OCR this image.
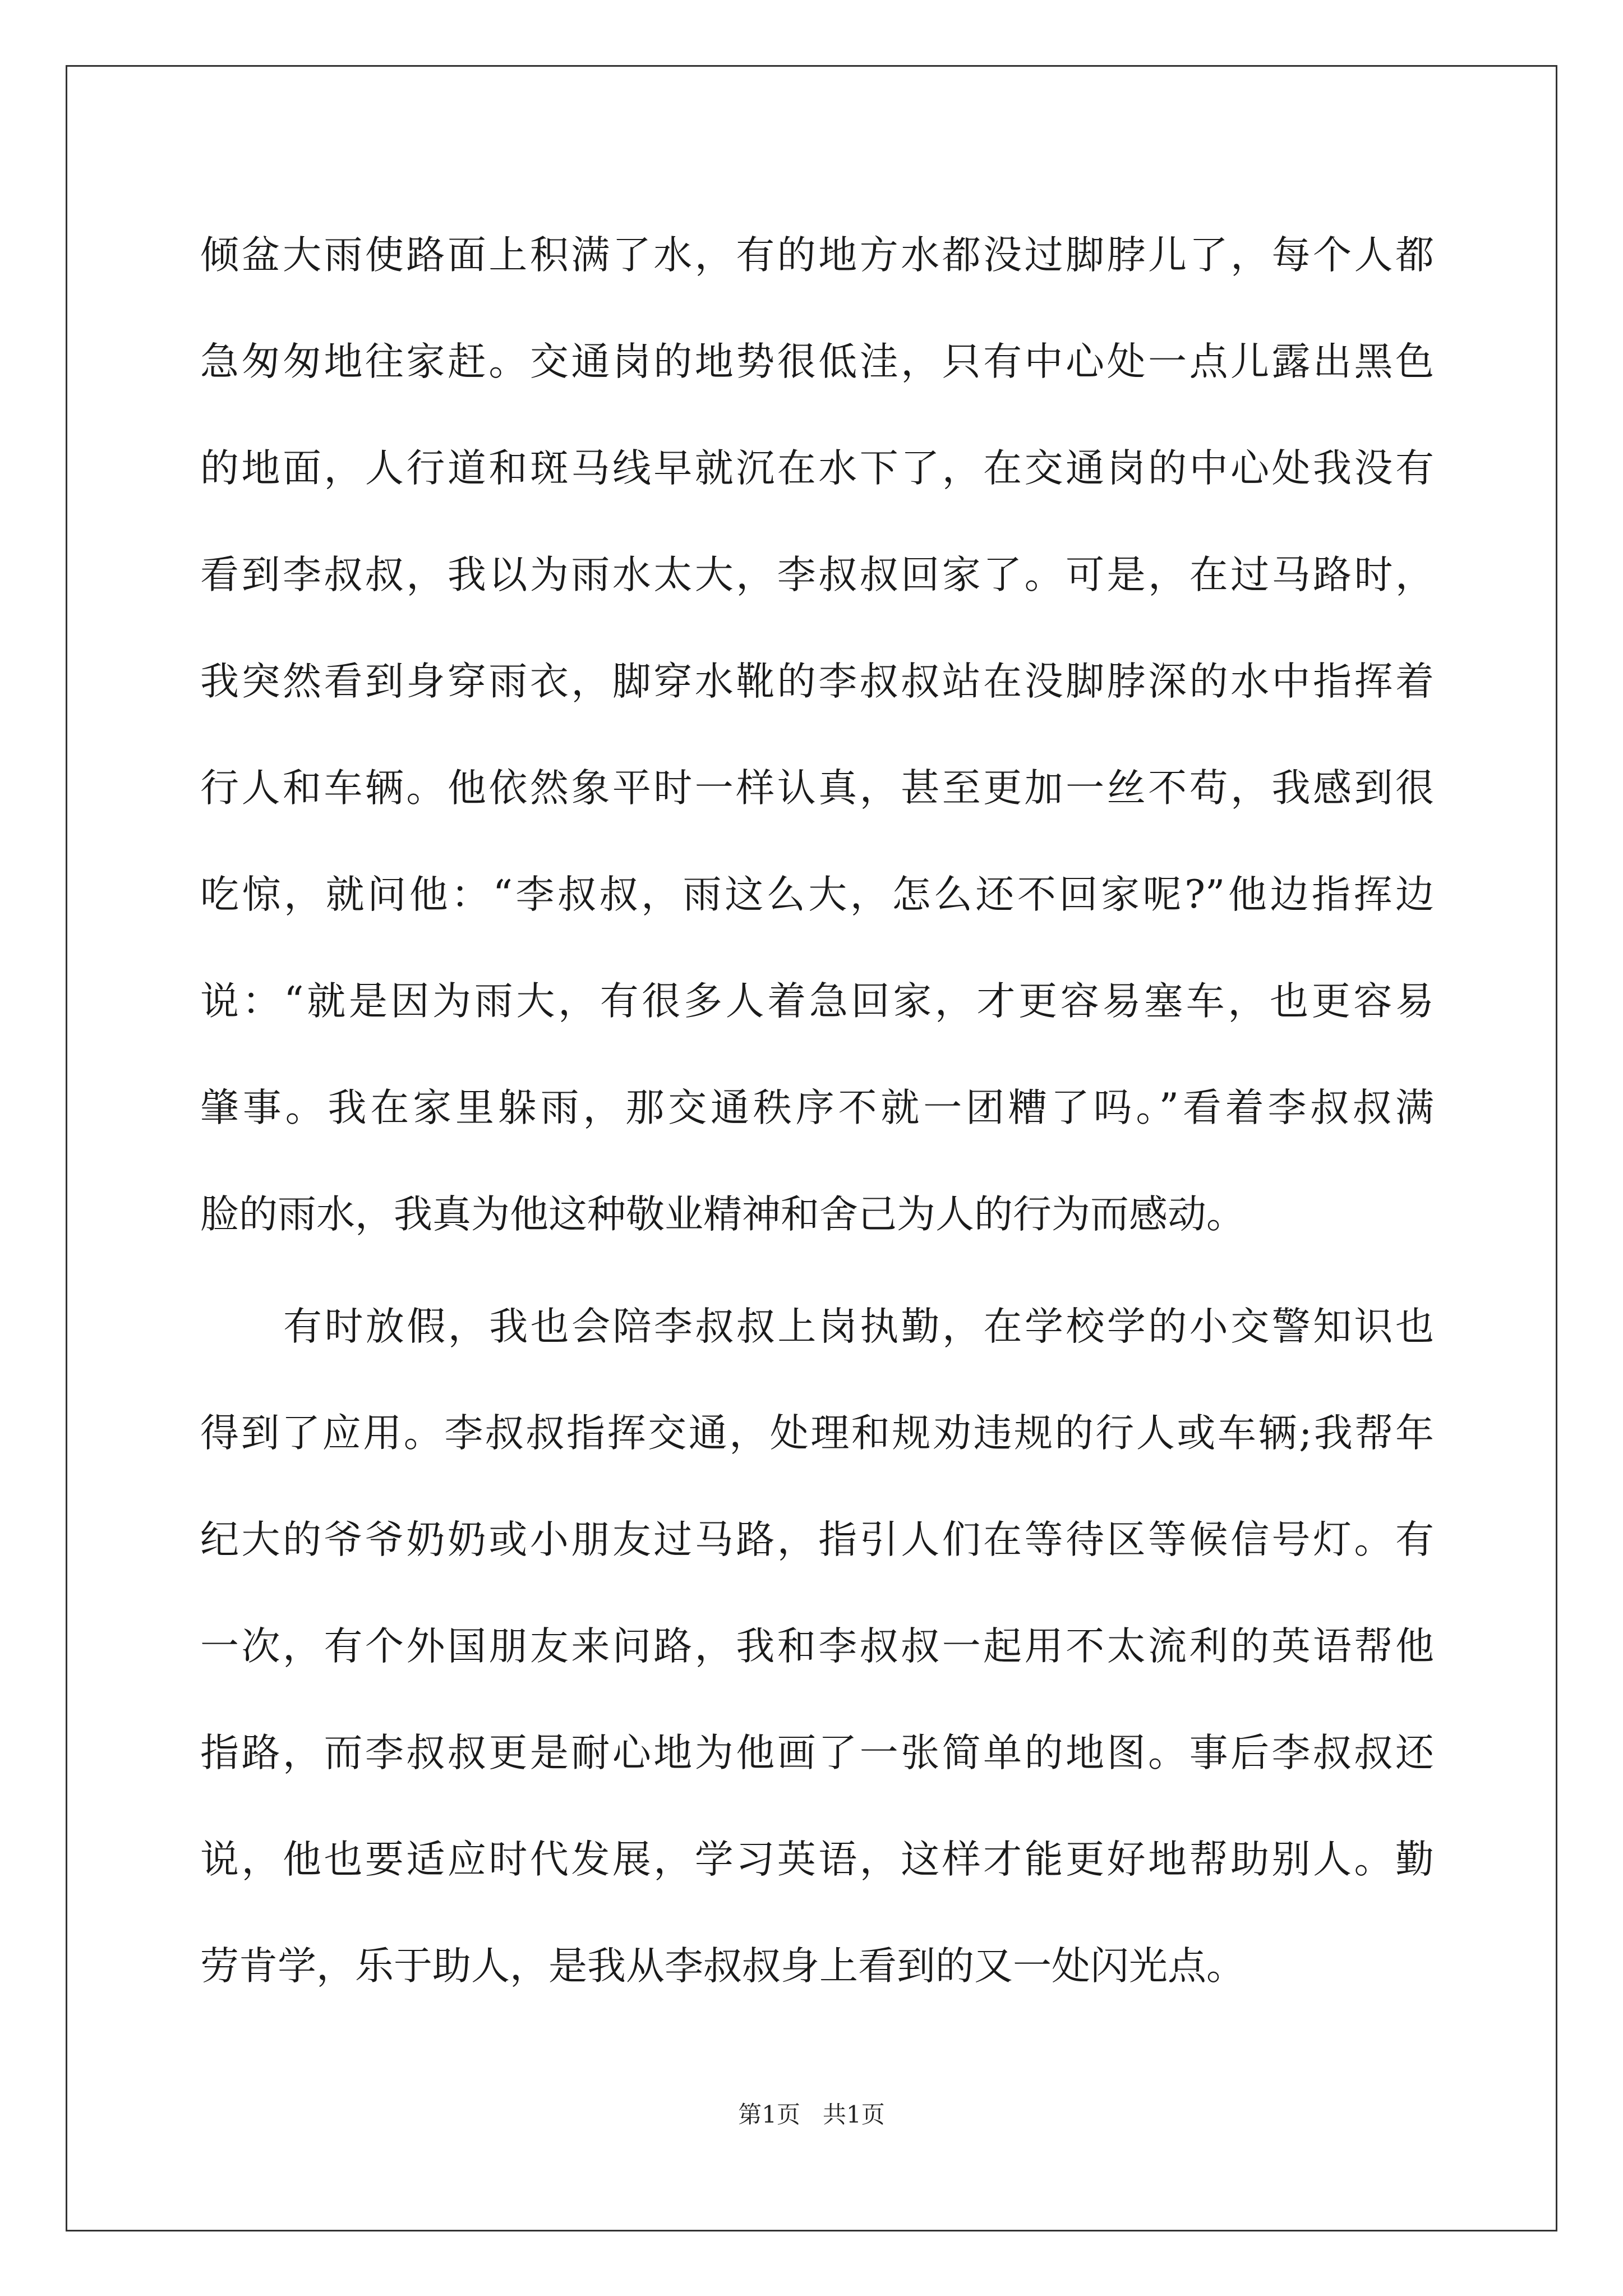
倾盆大雨使路面上积满了水，有的地方水都没过脚脖儿了，每个人都
急匆匆地往家赶。交通岗的地势很低洼，只有中心处一点儿露出黑色
的地面，人行道和斑马线早就沉在水下了，在交通岗的中心处我没有
看到李叔叔，我以为雨水太大，李叔叔回家了。可是，在过马路时，
我突然看到身穿雨衣，脚穿水靴的李叔叔站在没脚脖深的水中指挥着
行人和车辆。他依然象平时一样认真，甚至更加一丝不苟，我感到很
吃惊，就问他：“李叔叔，雨这么大，怎么还不回家呢?”他边指挥边
说：“就是因为雨大，有很多人着急回家，才更容易塞车，也更容易
肇事。我在家里躲雨，那交通秩序不就一团糟了吗。”看着李叔叔满
脸的雨水，我真为他这种敬业精神和舍己为人的行为而感动。
有时放假，我也会陪李叔叔上岗执勤，在学校学的小交警知识也
得到了应用。李叔叔指挥交通，处理和规劝违规的行人或车辆;我帮年
纪大的爷爷奶奶或小朋友过马路，指引人们在等待区等候信号灯。有
一次，有个外国朋友来问路，我和李叔叔一起用不太流利的英语帮他
指路，而李叔叔更是耐心地为他画了一张简单的地图。事后李叔叔还
说，他也要适应时代发展，学习英语，这样才能更好地帮助别人。勤
劳肯学，乐于助人，是我从李叔叔身上看到的又一处闪光点。
第1页 共1页
